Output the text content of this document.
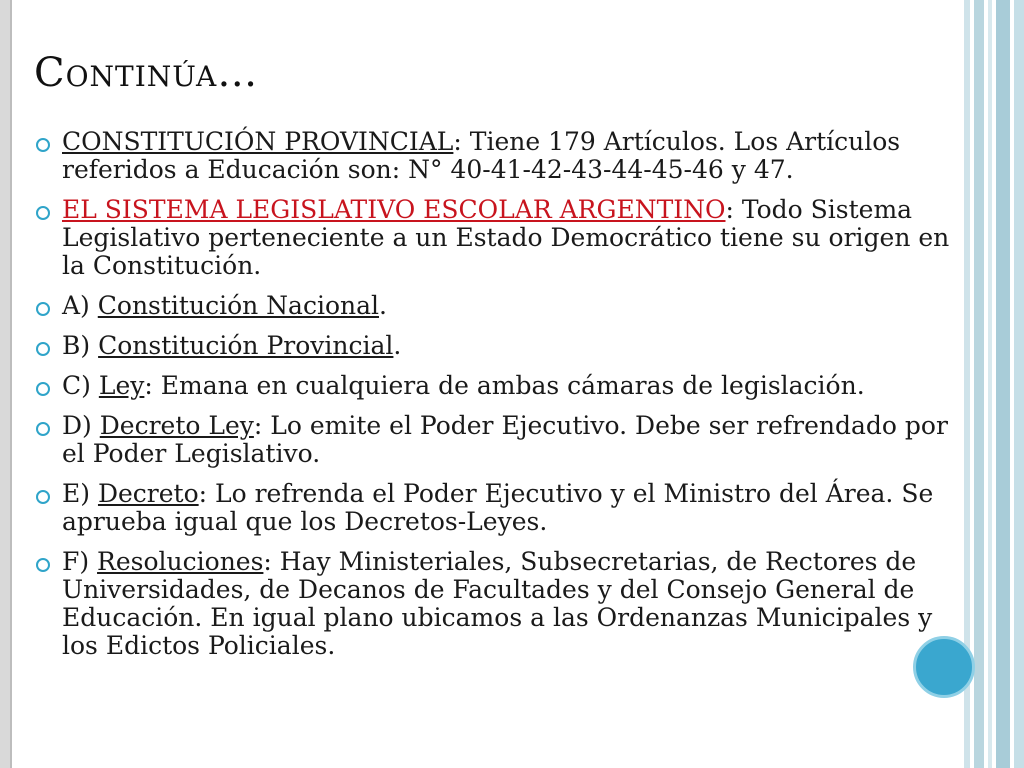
Continúa…
CONSTITUCIÓN PROVINCIAL: Tiene 179 Artículos. Los Artículos referidos a Educación son: N° 40-41-42-43-44-45-46 y 47.
EL SISTEMA LEGISLATIVO ESCOLAR ARGENTINO: Todo Sistema Legislativo perteneciente a un Estado Democrático tiene su origen en la Constitución.
A) Constitución Nacional.
B) Constitución Provincial.
C) Ley: Emana en cualquiera de ambas cámaras de legislación.
D) Decreto Ley: Lo emite el Poder Ejecutivo. Debe ser refrendado por el Poder Legislativo.
E) Decreto: Lo refrenda el Poder Ejecutivo y el Ministro del Área. Se aprueba igual que los Decretos-Leyes.
F) Resoluciones: Hay Ministeriales, Subsecretarias, de Rectores de Universidades, de Decanos de Facultades y del Consejo General de Educación. En igual plano ubicamos a las Ordenanzas Municipales y los Edictos Policiales.
